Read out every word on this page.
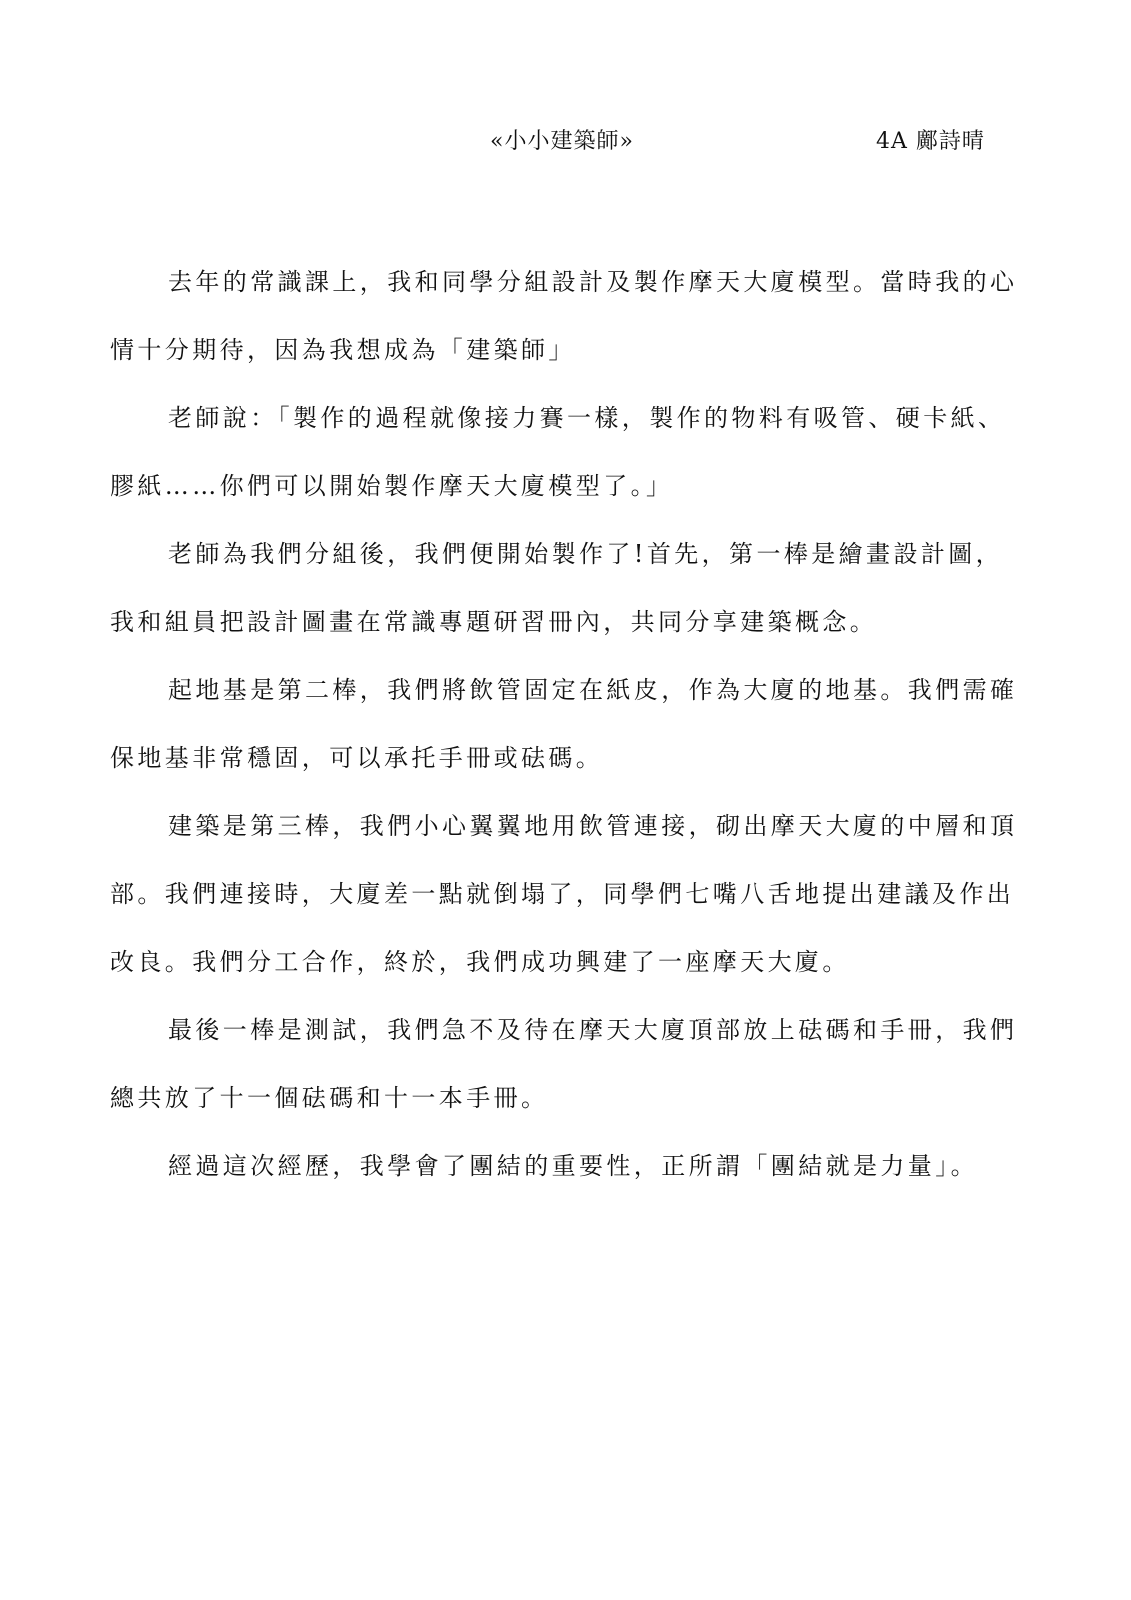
«小小建築師»	4A 鄺詩晴

去年的常識課上，我和同學分組設計及製作摩天大廈模型。當時我的心情十分期待，因為我想成為「建築師」

老師說：「製作的過程就像接力賽一樣，製作的物料有吸管、硬卡紙、膠紙……你們可以開始製作摩天大廈模型了。」

老師為我們分組後，我們便開始製作了!首先，第一棒是繪畫設計圖，我和組員把設計圖畫在常識專題研習冊內，共同分享建築概念。

起地基是第二棒，我們將飲管固定在紙皮，作為大廈的地基。我們需確保地基非常穩固，可以承托手冊或砝碼。

建築是第三棒，我們小心翼翼地用飲管連接，砌出摩天大廈的中層和頂部。我們連接時，大廈差一點就倒塌了，同學們七嘴八舌地提出建議及作出改良。我們分工合作，終於，我們成功興建了一座摩天大廈。

最後一棒是測試，我們急不及待在摩天大廈頂部放上砝碼和手冊，我們總共放了十一個砝碼和十一本手冊。

經過這次經歷，我學會了團結的重要性，正所謂「團結就是力量」。
